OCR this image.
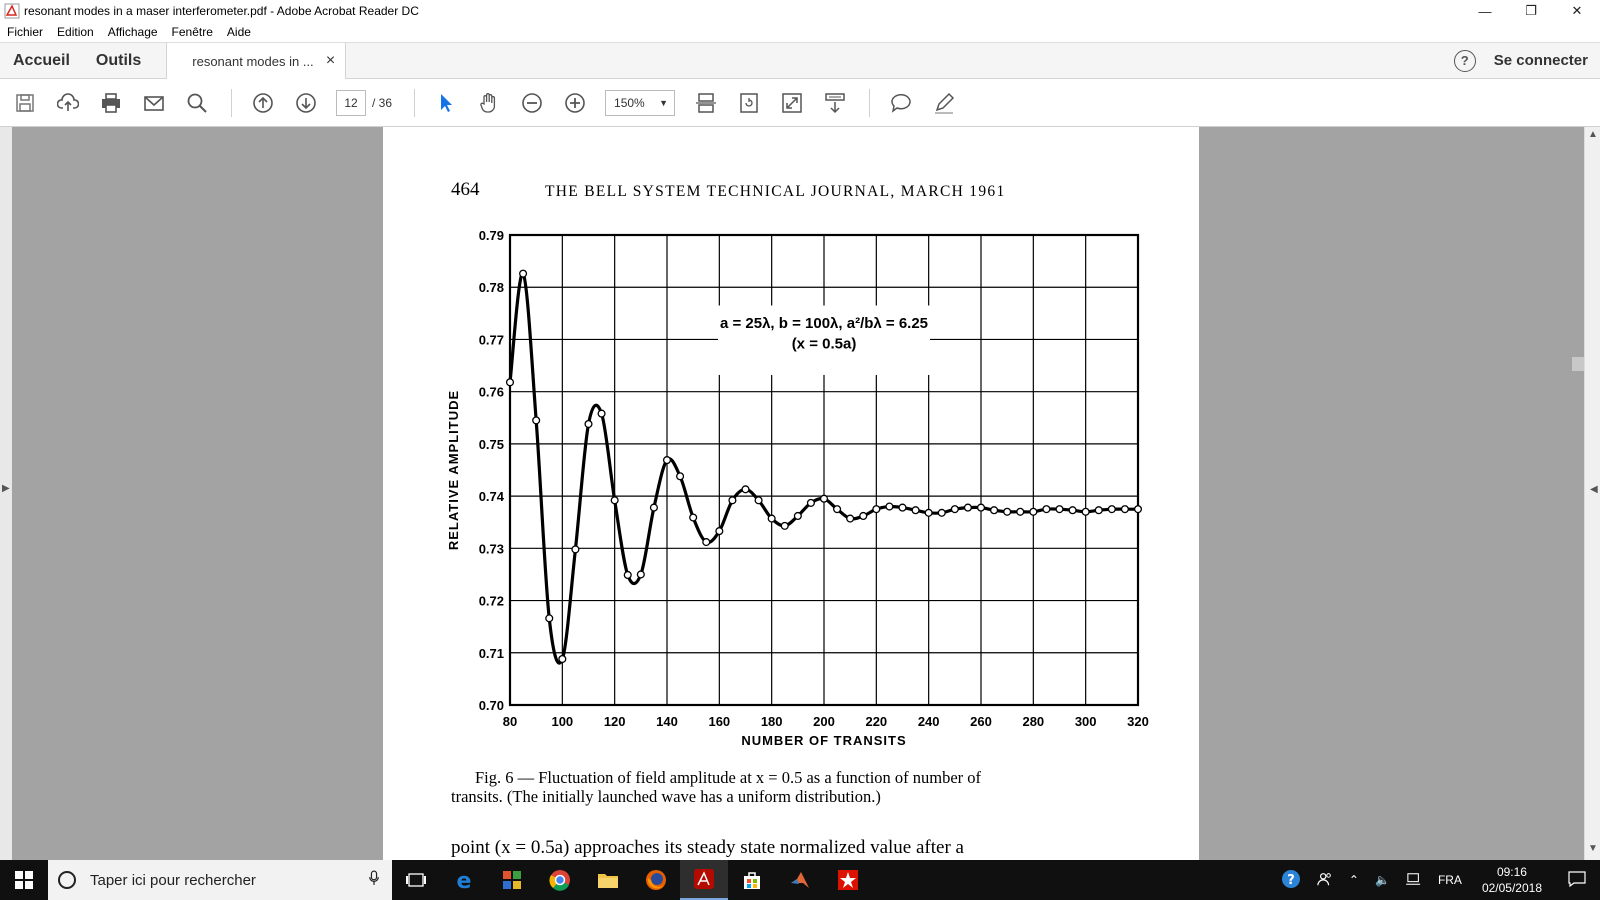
resonant modes in a maser interferometer.pdf - Adobe Acrobat Reader DC	—	❐	✕
Fichier	Edition	Affichage	Fenêtre	Aide
Accueil	Outils	resonant modes in ... ×	?	Se connecter
12	/ 36	150% ▼
▶
▲
▼
◀
464	THE BELL SYSTEM TECHNICAL JOURNAL, MARCH 1961
80	100 120 140 160 180 200 220 240 260 280 300 320
0.79
0.78
0.77
0.76
0.75
0.74
0.73
0.72
0.71
0.70
a = 25λ, b = 100λ, a²/bλ = 6.25
(x = 0.5a)
NUMBER OF TRANSITS
RELATIVE AMPLITUDE
Fig. 6 — Fluctuation of field amplitude at x = 0.5 as a function of number of
transits. (The initially launched wave has a uniform distribution.)
point (x = 0.5a) approaches its steady state normalized value after a
Taper ici pour rechercher	e	?	⌃	🔈	FRA
09:16
02/05/2018
